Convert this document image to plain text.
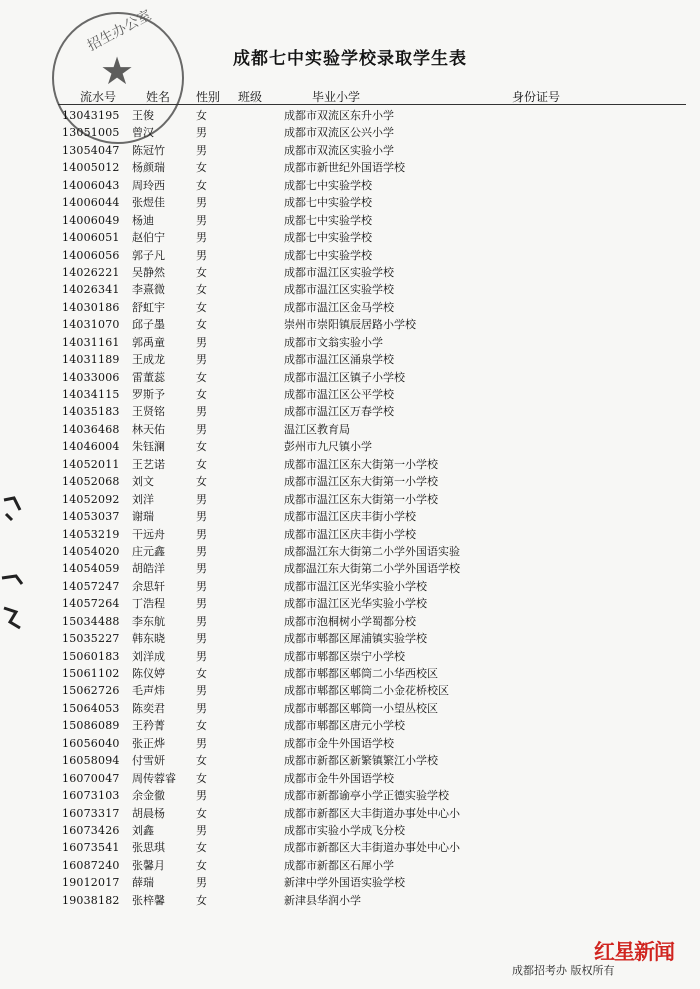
招生办公室
★	成都七中实验学校录取学生表
流水号 姓名 性别 班级	毕业小学	身份证号
13043195 王俊	女	成都市双流区东升小学
13051005 曾汉	男	成都市双流区公兴小学
13054047 陈冠竹	男	成都市双流区实验小学
14005012 杨颜瑞	女	成都市新世纪外国语学校
14006043 周玲西	女	成都七中实验学校
14006044 张煜佳	男	成都七中实验学校
14006049 杨迪	男	成都七中实验学校
14006051 赵伯宁	男	成都七中实验学校
14006056 郭子凡	男	成都七中实验学校
14026221 吴静然	女	成都市温江区实验学校
14026341 李熹微	女	成都市温江区实验学校
14030186 舒虹宇	女	成都市温江区金马学校
14031070 邱子墨	女	崇州市崇阳镇辰居路小学校
14031161 郭禹童	男	成都市文翁实验小学
14031189 王成龙	男	成都市温江区涌泉学校
14033006 雷董蕊	女	成都市温江区镇子小学校
14034115 罗斯予	女	成都市温江区公平学校
14035183 王贤铭	男	成都市温江区万春学校
14036468 林天佑	男	温江区教育局
14046004 朱钰澜	女	彭州市九尺镇小学
14052011 王艺诺	女	成都市温江区东大街第一小学校
14052068 刘文	女	成都市温江区东大街第一小学校
14052092 刘洋	男	成都市温江区东大街第一小学校
14053037 谢瑞	男	成都市温江区庆丰街小学校
14053219 干远舟	男	成都市温江区庆丰街小学校
14054020 庄元鑫	男	成都温江东大街第二小学外国语实验
14054059 胡皓洋	男	成都温江东大街第二小学外国语学校
14057247 余思轩	男	成都市温江区光华实验小学校
14057264 丁浩程	男	成都市温江区光华实验小学校
15034488 李东航	男	成都市泡桐树小学蜀都分校
15035227 韩东晓	男	成都市郫都区犀浦镇实验学校
15060183 刘洋成	男	成都市郫都区崇宁小学校
15061102 陈仪婷	女	成都市郫都区郫筒二小华西校区
15062726 毛声炜	男	成都市郫都区郫筒二小金花桥校区
15064053 陈奕君	男	成都市郫都区郫筒一小望丛校区
15086089 王矜菁	女	成都市郫都区唐元小学校
16056040 张正烨	男	成都市金牛外国语学校
16058094 付雪妍	女	成都市新都区新繁镇繁江小学校
16070047 周传蓉睿 女	成都市金牛外国语学校
16073103 余金徹	男	成都市新都谕亭小学正德实验学校
16073317 胡晨杨	女	成都市新都区大丰街道办事处中心小
16073426 刘鑫	男	成都市实验小学成飞分校
16073541 张思琪	女	成都市新都区大丰街道办事处中心小
16087240 张馨月	女	成都市新都区石犀小学
19012017 薛瑞	男	新津中学外国语实验学校
19038182 张梓馨	女	新津县华润小学
成都招考办 版权所有
红星新闻
